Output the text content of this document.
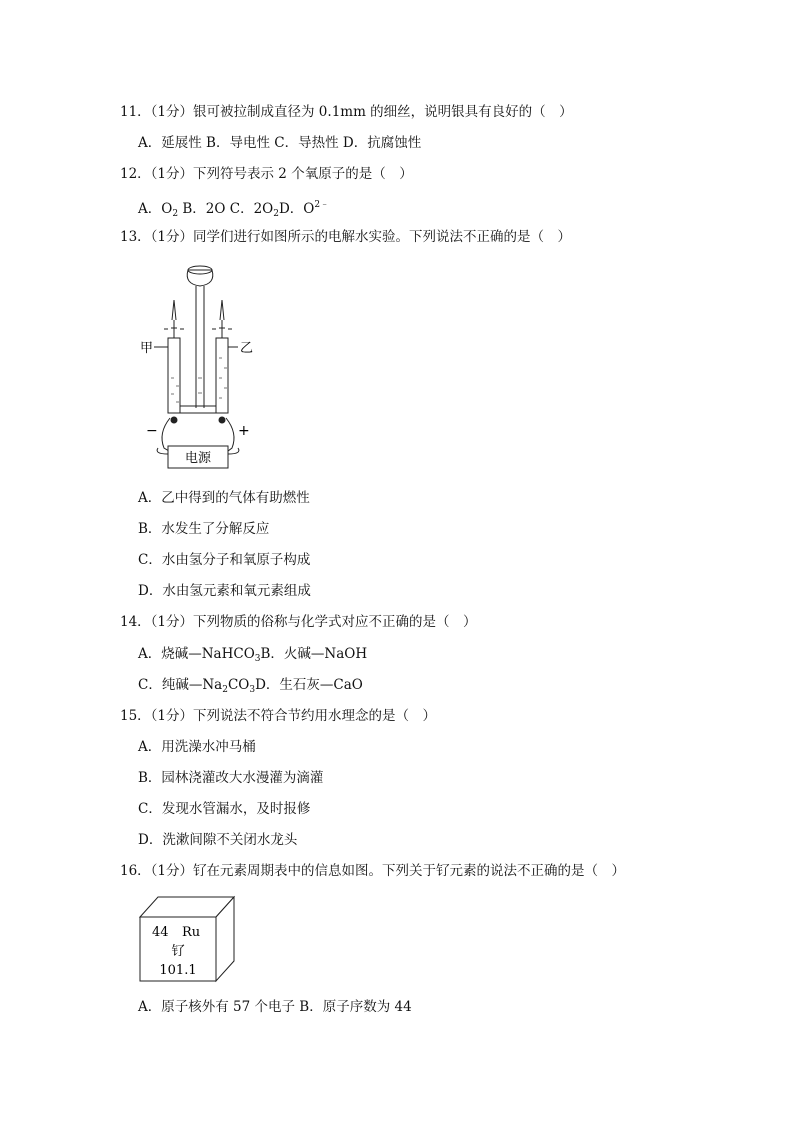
11．（1分）银可被拉制成直径为 0.1mm 的细丝，说明银具有良好的（　）
A．延展性 B．导电性 C．导热性 D．抗腐蚀性
12．（1分）下列符号表示 2 个氧原子的是（　）
A．$O_2$ B．2O C．$2O_2D$．$O^{2﹣}$
13．（1分）同学们进行如图所示的电解水实验。下列说法不正确的是（　）
电源
甲	乙
−	+
A．乙中得到的气体有助燃性
B．水发生了分解反应
C．水由氢分子和氧原子构成
D．水由氢元素和氧元素组成
14．（1分）下列物质的俗称与化学式对应不正确的是（　）
A．烧碱—NaHCO$_3$B．火碱—NaOH
C．纯碱$—Na_2CO_3D$．生石灰—CaO
15．（1分）下列说法不符合节约用水理念的是（　）
A．用洗澡水冲马桶
B．园林浇灌改大水漫灌为滴灌
C．发现水管漏水，及时报修
D．洗漱间隙不关闭水龙头
16．（1分）钌在元素周期表中的信息如图。下列关于钌元素的说法不正确的是（　）
44 Ru
钌
101.1
A．原子核外有 57 个电子 B．原子序数为 44
